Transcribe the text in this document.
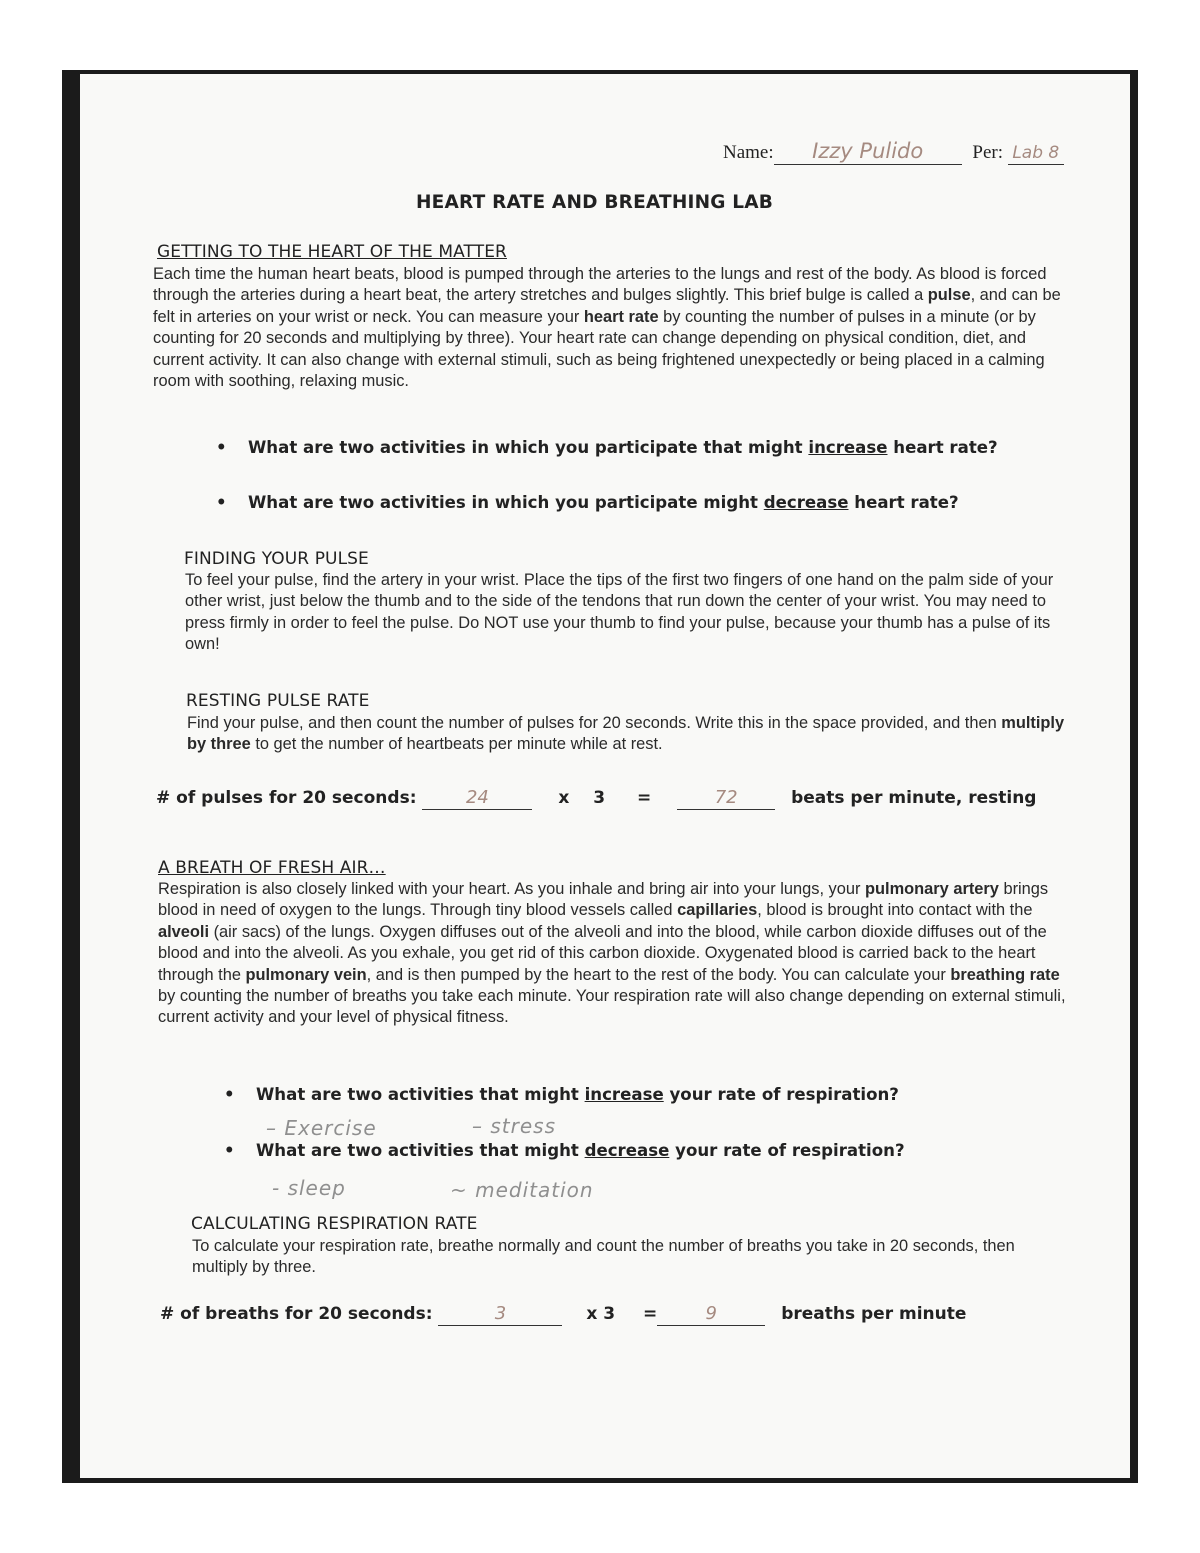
Name: Izzy Pulido	Per: Lab 8
HEART RATE AND BREATHING LAB
GETTING TO THE HEART OF THE MATTER
Each time the human heart beats, blood is pumped through the arteries to the lungs and rest of the body. As blood is forced through the arteries during a heart beat, the artery stretches and bulges slightly. This brief bulge is called a pulse, and can be felt in arteries on your wrist or neck. You can measure your heart rate by counting the number of pulses in a minute (or by counting for 20 seconds and multiplying by three). Your heart rate can change depending on physical condition, diet, and current activity. It can also change with external stimuli, such as being frightened unexpectedly or being placed in a calming room with soothing, relaxing music.
• What are two activities in which you participate that might increase heart rate?
• What are two activities in which you participate might decrease heart rate?
FINDING YOUR PULSE
To feel your pulse, find the artery in your wrist. Place the tips of the first two fingers of one hand on the palm side of your other wrist, just below the thumb and to the side of the tendons that run down the center of your wrist. You may need to press firmly in order to feel the pulse. Do NOT use your thumb to find your pulse, because your thumb has a pulse of its own!
RESTING PULSE RATE
Find your pulse, and then count the number of pulses for 20 seconds. Write this in the space provided, and then multiply by three to get the number of heartbeats per minute while at rest.
# of pulses for 20 seconds:	24	x 3 =	72	beats per minute, resting
A BREATH OF FRESH AIR…
Respiration is also closely linked with your heart. As you inhale and bring air into your lungs, your pulmonary artery brings blood in need of oxygen to the lungs. Through tiny blood vessels called capillaries, blood is brought into contact with the alveoli (air sacs) of the lungs. Oxygen diffuses out of the alveoli and into the blood, while carbon dioxide diffuses out of the blood and into the alveoli. As you exhale, you get rid of this carbon dioxide. Oxygenated blood is carried back to the heart through the pulmonary vein, and is then pumped by the heart to the rest of the body. You can calculate your breathing rate by counting the number of breaths you take each minute. Your respiration rate will also change depending on external stimuli, current activity and your level of physical fitness.
• What are two activities that might increase your rate of respiration?
– Exercise	– stress
• What are two activities that might decrease your rate of respiration?
- sleep	~ meditation
CALCULATING RESPIRATION RATE
To calculate your respiration rate, breathe normally and count the number of breaths you take in 20 seconds, then multiply by three.
# of breaths for 20 seconds:	3	x 3 =	9	breaths per minute
